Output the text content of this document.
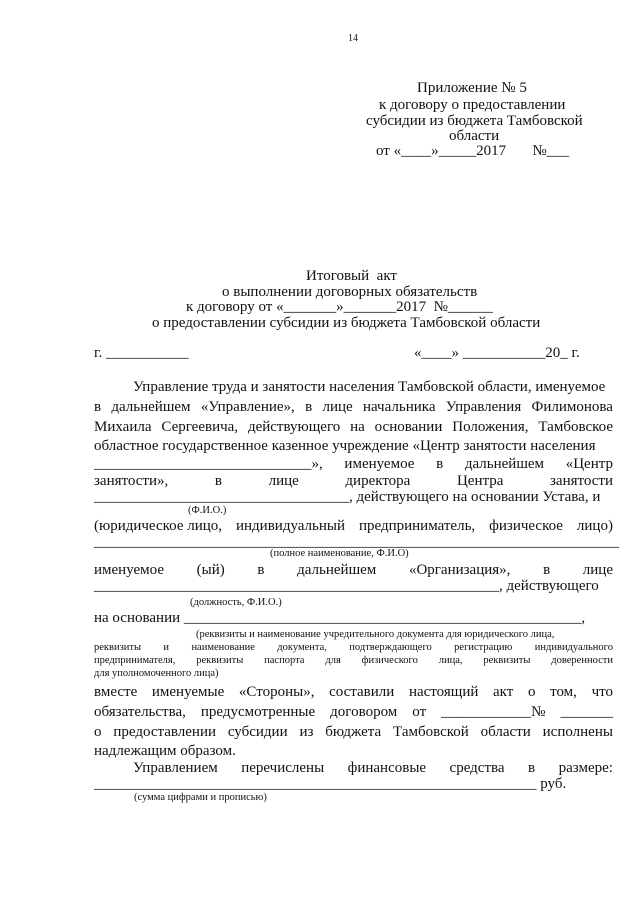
14
Приложение № 5
к договору о предоставлении
субсидии из бюджета Тамбовской
области
от «____»_____2017       №___
Итоговый  акт
о выполнении договорных обязательств
к договору от «_______»_______2017  №______
о предоставлении субсидии из бюджета Тамбовской области
г. ___________	«____» ___________20_ г.
Управление труда и занятости населения Тамбовской области, именуемое
в дальнейшем «Управление», в лице начальника Управления Филимонова
Михаила Сергеевича, действующего на основании Положения, Тамбовское
областное государственное казенное учреждение «Центр занятости населения
_____________________________», именуемое в дальнейшем «Центр
занятости»,	в	лице	директора	Центра	занятости
__________________________________, действующего на основании Устава, и
(Ф.И.О.)
(юридическое лицо, индивидуальный предприниматель, физическое лицо)
______________________________________________________________________
(полное наименование, Ф.И.О)
именуемое (ый) в дальнейшем «Организация», в лице
______________________________________________________, действующего
(должность, Ф.И.О.)
на основании _____________________________________________________,
(реквизиты и наименование учредительного документа для юридического лица,
реквизиты и наименование документа, подтверждающего регистрацию индивидуального
предпринимателя, реквизиты паспорта для физического лица, реквизиты доверенности
для уполномоченного лица)
вместе именуемые «Стороны», составили настоящий акт о том, что
обязательства, предусмотренные договором от ____________№ _______
о предоставлении субсидии из бюджета Тамбовской области исполнены
надлежащим образом.
Управлением перечислены финансовые средства в размере:
___________________________________________________________ руб.
(сумма цифрами и прописью)
